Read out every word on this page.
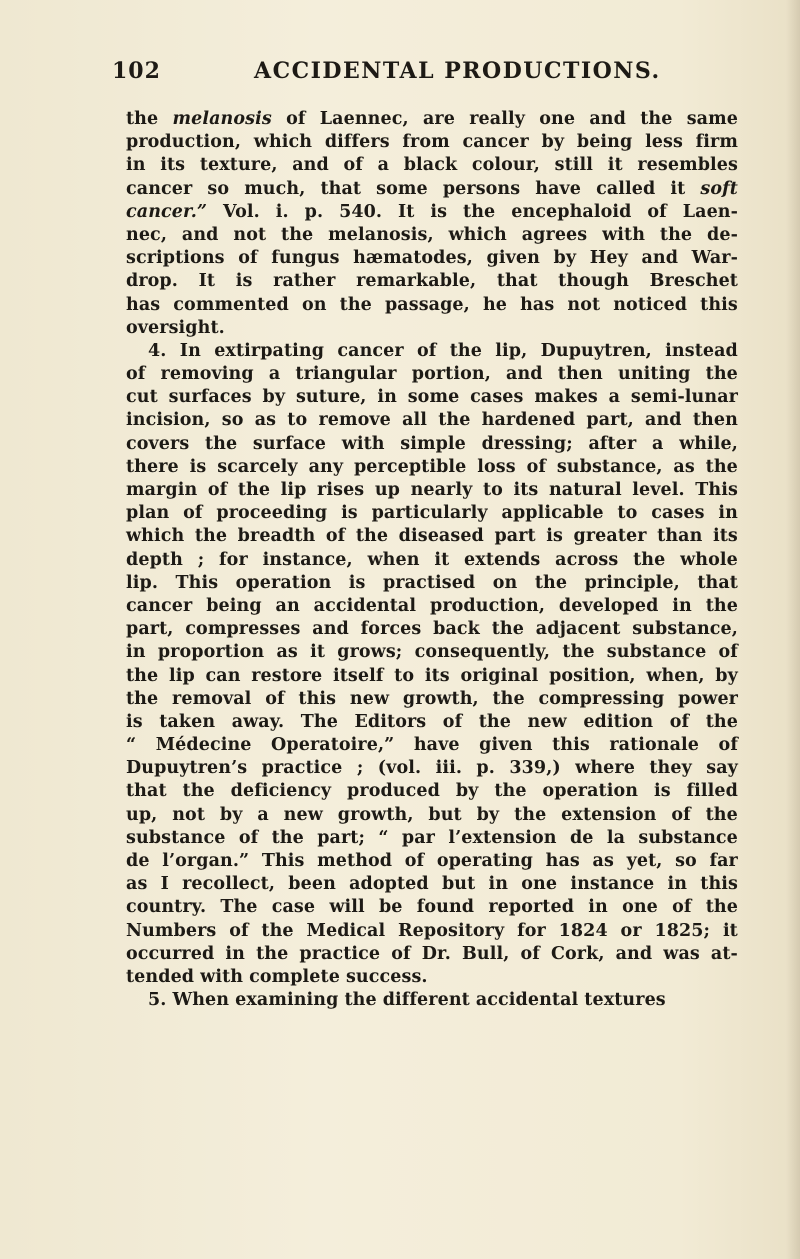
102	ACCIDENTAL PRODUCTIONS.
the melanosis of Laennec, are really one and the same
production, which differs from cancer by being less firm
in its texture, and of a black colour, still it resembles
cancer so much, that some persons have called it soft
cancer.” Vol. i. p. 540. It is the encephaloid of Laen-
nec, and not the melanosis, which agrees with the de-
scriptions of fungus hæmatodes, given by Hey and War-
drop. It is rather remarkable, that though Breschet
has commented on the passage, he has not noticed this
oversight.
4. In extirpating cancer of the lip, Dupuytren, instead
of removing a triangular portion, and then uniting the
cut surfaces by suture, in some cases makes a semi-lunar
incision, so as to remove all the hardened part, and then
covers the surface with simple dressing; after a while,
there is scarcely any perceptible loss of substance, as the
margin of the lip rises up nearly to its natural level. This
plan of proceeding is particularly applicable to cases in
which the breadth of the diseased part is greater than its
depth ; for instance, when it extends across the whole
lip. This operation is practised on the principle, that
cancer being an accidental production, developed in the
part, compresses and forces back the adjacent substance,
in proportion as it grows; consequently, the substance of
the lip can restore itself to its original position, when, by
the removal of this new growth, the compressing power
is taken away. The Editors of the new edition of the
“ Médecine Operatoire,” have given this rationale of
Dupuytren’s practice ; (vol. iii. p. 339,) where they say
that the deficiency produced by the operation is filled
up, not by a new growth, but by the extension of the
substance of the part; “ par l’extension de la substance
de l’organ.” This method of operating has as yet, so far
as I recollect, been adopted but in one instance in this
country. The case will be found reported in one of the
Numbers of the Medical Repository for 1824 or 1825; it
occurred in the practice of Dr. Bull, of Cork, and was at-
tended with complete success.
5. When examining the different accidental textures
